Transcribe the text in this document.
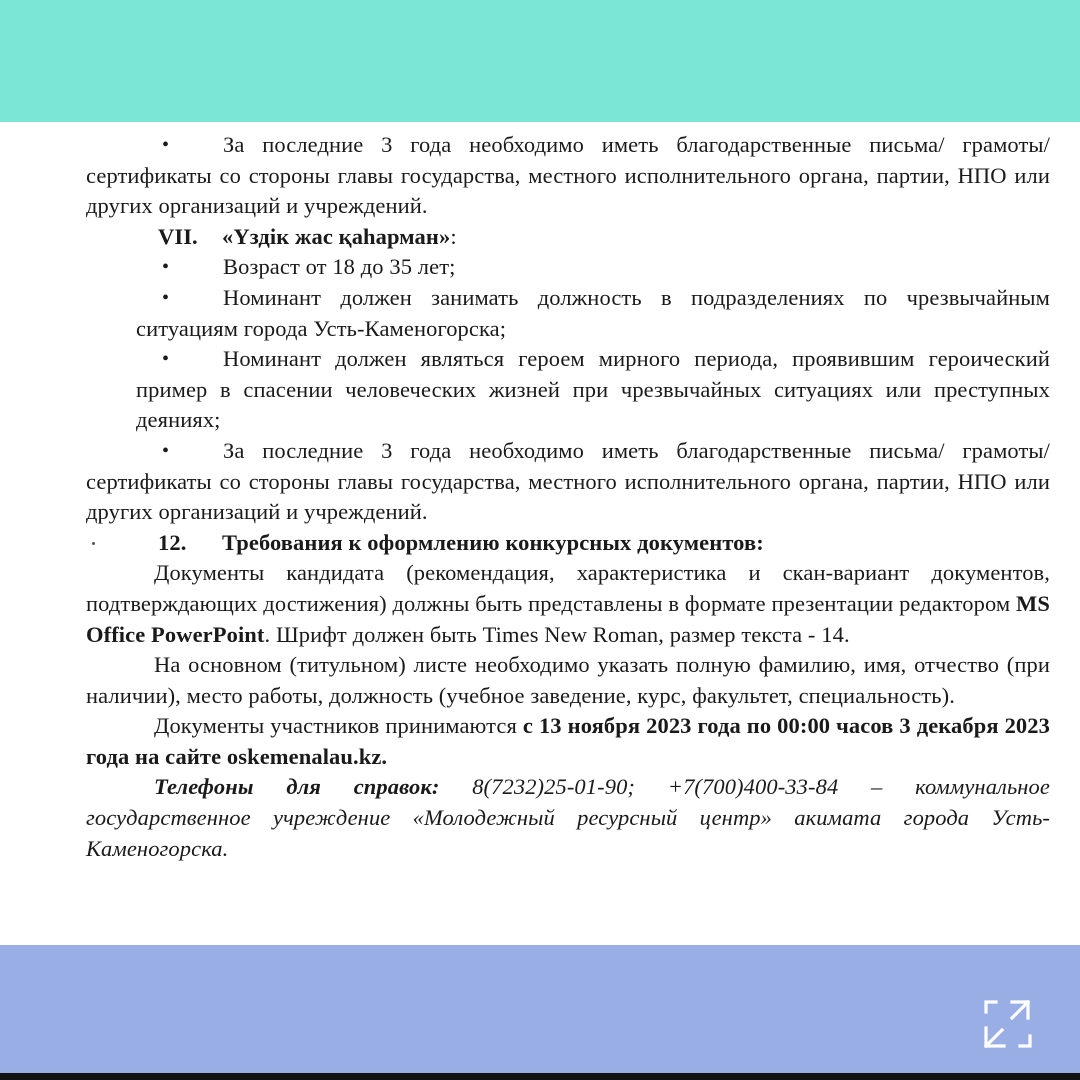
• За последние 3 года необходимо иметь благодарственные письма/ грамоты/ сертификаты со стороны главы государства, местного исполнительного органа, партии, НПО или других организаций и учреждений.

VII. «Үздік жас қаһарман»:

• Возраст от 18 до 35 лет;

• Номинант должен занимать должность в подразделениях по чрезвычайным ситуациям города Усть-Каменогорска;

• Номинант должен являться героем мирного периода, проявившим героический пример в спасении человеческих жизней при чрезвычайных ситуациях или преступных деяниях;

• За последние 3 года необходимо иметь благодарственные письма/ грамоты/ сертификаты со стороны главы государства, местного исполнительного органа, партии, НПО или других организаций и учреждений.

12. Требования к оформлению конкурсных документов:

Документы кандидата (рекомендация, характеристика и скан-вариант документов, подтверждающих достижения) должны быть представлены в формате презентации редактором MS Office PowerPoint. Шрифт должен быть Times New Roman, размер текста - 14.

На основном (титульном) листе необходимо указать полную фамилию, имя, отчество (при наличии), место работы, должность (учебное заведение, курс, факультет, специальность).

Документы участников принимаются с 13 ноября 2023 года по 00:00 часов 3 декабря 2023 года на сайте oskemenalau.kz.

Телефоны для справок: 8(7232)25-01-90; +7(700)400-33-84 – коммунальное государственное учреждение «Молодежный ресурсный центр» акимата города Усть-Каменогорска.
